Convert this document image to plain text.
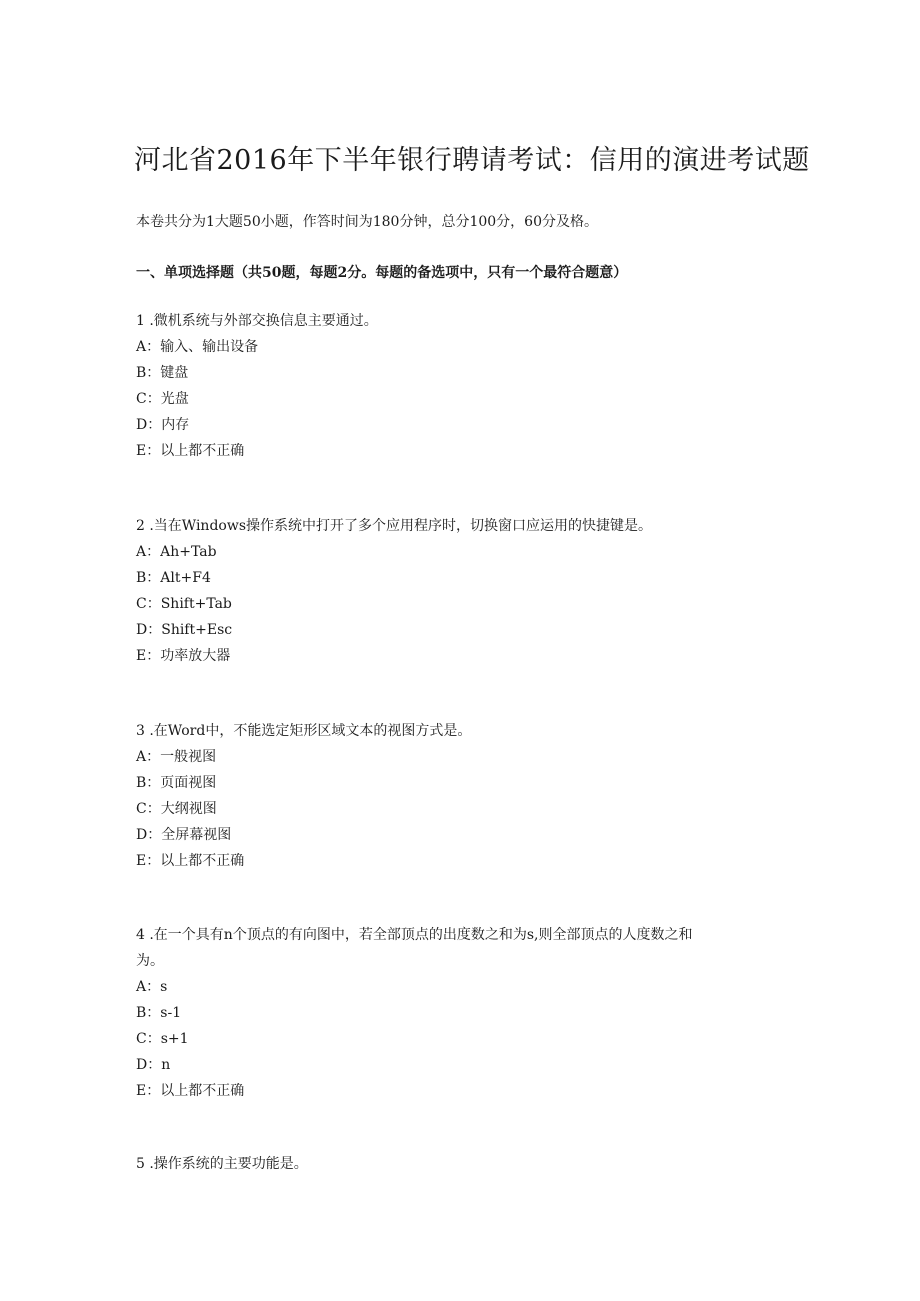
河北省2016年下半年银行聘请考试：信用的演进考试题
本卷共分为1大题50小题，作答时间为180分钟，总分100分，60分及格。
一、单项选择题（共50题，每题2分。每题的备选项中，只有一个最符合题意）
1 .微机系统与外部交换信息主要通过。
A：输入、输出设备
B：键盘
C：光盘
D：内存
E：以上都不正确
2 .当在Windows操作系统中打开了多个应用程序时，切换窗口应运用的快捷键是。
A：Ah+Tab
B：Alt+F4
C：Shift+Tab
D：Shift+Esc
E：功率放大器
3 .在Word中，不能选定矩形区域文本的视图方式是。
A：一般视图
B：页面视图
C：大纲视图
D：全屏幕视图
E：以上都不正确
4 .在一个具有n个顶点的有向图中，若全部顶点的出度数之和为s,则全部顶点的人度数之和
为。
A：s
B：s-1
C：s+1
D：n
E：以上都不正确
5 .操作系统的主要功能是。
